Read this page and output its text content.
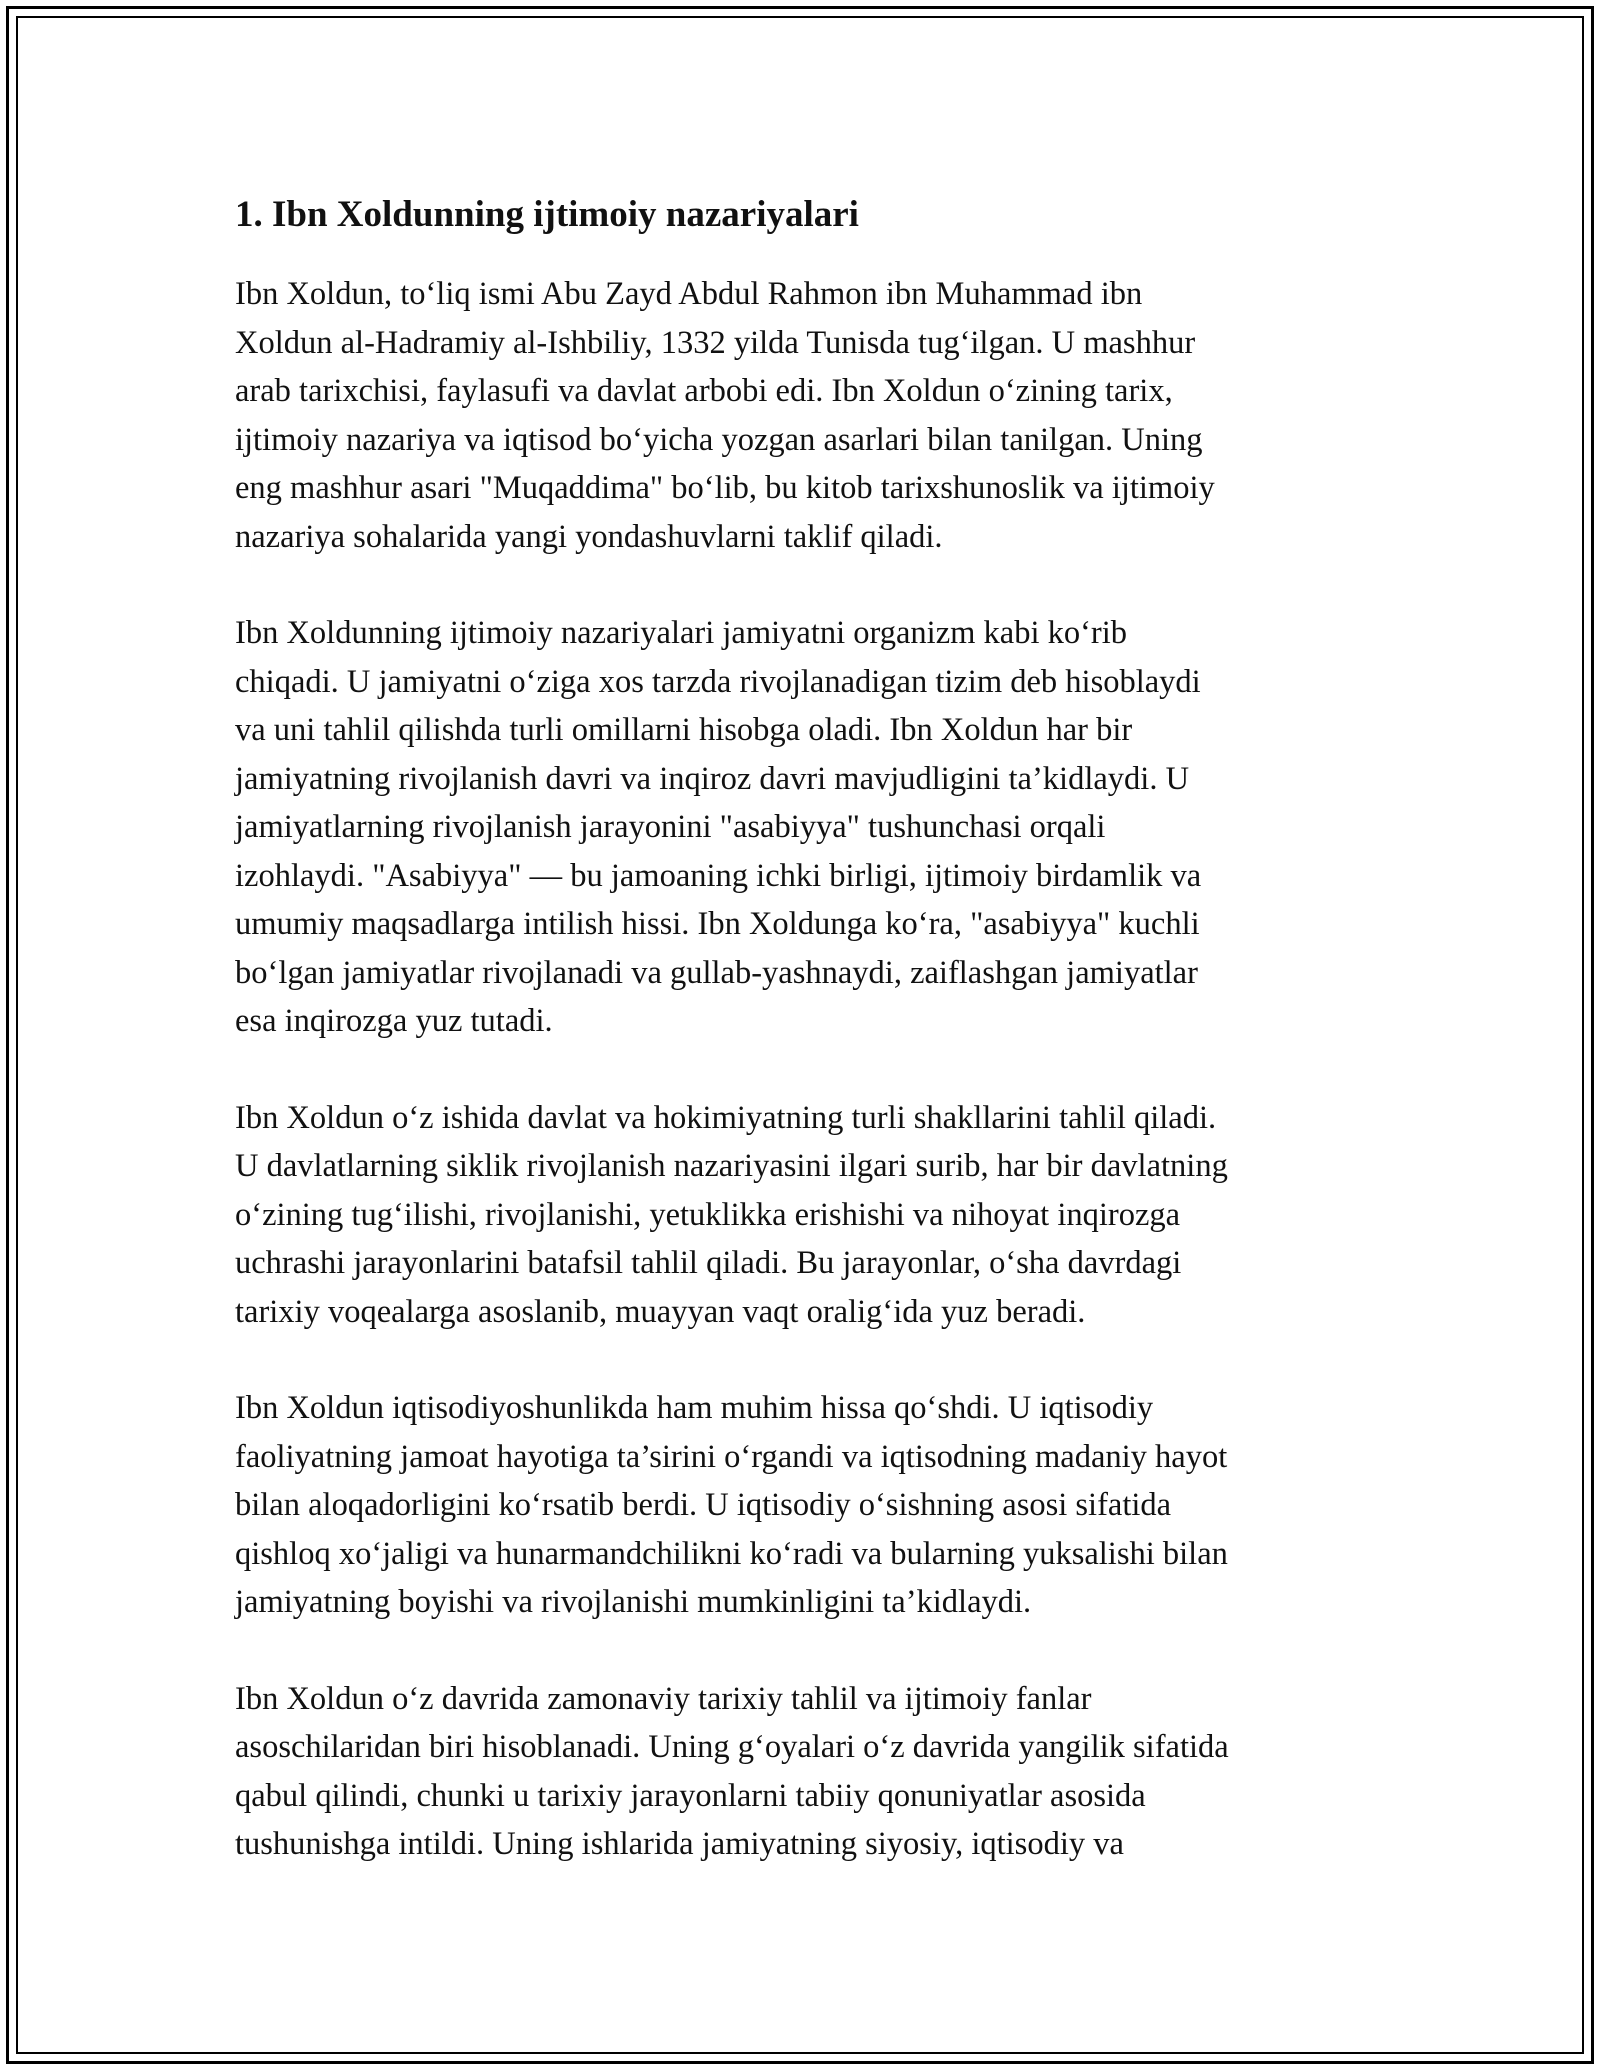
1. Ibn Xoldunning ijtimoiy nazariyalari

Ibn Xoldun, to‘liq ismi Abu Zayd Abdul Rahmon ibn Muhammad ibn
Xoldun al-Hadramiy al-Ishbiliy, 1332 yilda Tunisda tug‘ilgan. U mashhur
arab tarixchisi, faylasufi va davlat arbobi edi. Ibn Xoldun o‘zining tarix,
ijtimoiy nazariya va iqtisod bo‘yicha yozgan asarlari bilan tanilgan. Uning
eng mashhur asari "Muqaddima" bo‘lib, bu kitob tarixshunoslik va ijtimoiy
nazariya sohalarida yangi yondashuvlarni taklif qiladi.

Ibn Xoldunning ijtimoiy nazariyalari jamiyatni organizm kabi ko‘rib
chiqadi. U jamiyatni o‘ziga xos tarzda rivojlanadigan tizim deb hisoblaydi
va uni tahlil qilishda turli omillarni hisobga oladi. Ibn Xoldun har bir
jamiyatning rivojlanish davri va inqiroz davri mavjudligini ta’kidlaydi. U
jamiyatlarning rivojlanish jarayonini "asabiyya" tushunchasi orqali
izohlaydi. "Asabiyya" — bu jamoaning ichki birligi, ijtimoiy birdamlik va
umumiy maqsadlarga intilish hissi. Ibn Xoldunga ko‘ra, "asabiyya" kuchli
bo‘lgan jamiyatlar rivojlanadi va gullab-yashnaydi, zaiflashgan jamiyatlar
esa inqirozga yuz tutadi.

Ibn Xoldun o‘z ishida davlat va hokimiyatning turli shakllarini tahlil qiladi.
U davlatlarning siklik rivojlanish nazariyasini ilgari surib, har bir davlatning
o‘zining tug‘ilishi, rivojlanishi, yetuklikka erishishi va nihoyat inqirozga
uchrashi jarayonlarini batafsil tahlil qiladi. Bu jarayonlar, o‘sha davrdagi
tarixiy voqealarga asoslanib, muayyan vaqt oralig‘ida yuz beradi.

Ibn Xoldun iqtisodiyoshunlikda ham muhim hissa qo‘shdi. U iqtisodiy
faoliyatning jamoat hayotiga ta’sirini o‘rgandi va iqtisodning madaniy hayot
bilan aloqadorligini ko‘rsatib berdi. U iqtisodiy o‘sishning asosi sifatida
qishloq xo‘jaligi va hunarmandchilikni ko‘radi va bularning yuksalishi bilan
jamiyatning boyishi va rivojlanishi mumkinligini ta’kidlaydi.

Ibn Xoldun o‘z davrida zamonaviy tarixiy tahlil va ijtimoiy fanlar
asoschilaridan biri hisoblanadi. Uning g‘oyalari o‘z davrida yangilik sifatida
qabul qilindi, chunki u tarixiy jarayonlarni tabiiy qonuniyatlar asosida
tushunishga intildi. Uning ishlarida jamiyatning siyosiy, iqtisodiy va
